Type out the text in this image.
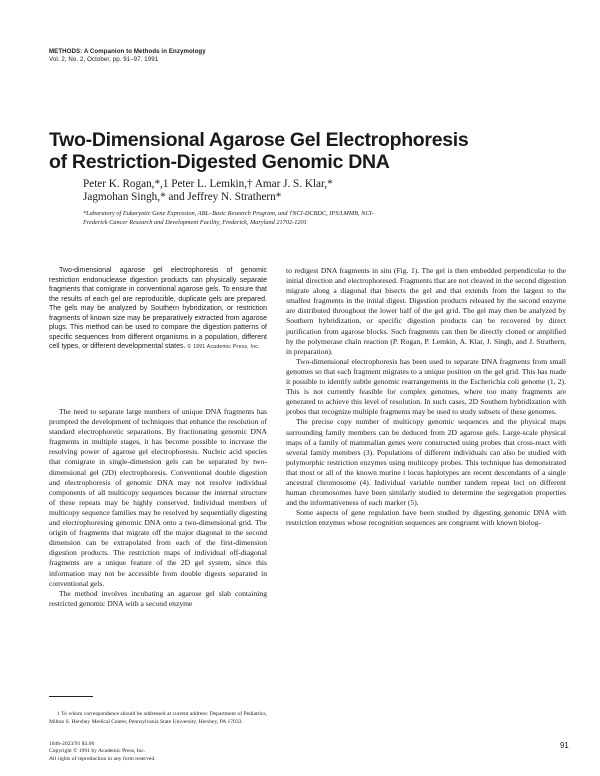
METHODS: A Companion to Methods in Enzymology
Vol. 2, No. 2, October, pp. 91–97, 1991
Two-Dimensional Agarose Gel Electrophoresis
of Restriction-Digested Genomic DNA
Peter K. Rogan,*,1 Peter L. Lemkin,† Amar J. S. Klar,*
Jagmohan Singh,* and Jeffrey N. Strathern*
*Laboratory of Eukaryotic Gene Expression, ABL–Basic Research Program, and †NCI-DCBDC, IPS/LMMB, NCI-
Frederick Cancer Research and Development Facility, Frederick, Maryland 21702-1201
Two-dimensional agarose gel electrophoresis of genomic restriction endonuclease digestion products can physically separate fragments that comigrate in conventional agarose gels. To ensure that the results of each gel are reproducible, duplicate gels are prepared. The gels may be analyzed by Southern hybridization, or restriction fragments of known size may be preparatively extracted from agarose plugs. This method can be used to compare the digestion patterns of specific sequences from different organisms in a population, different cell types, or different developmental states. © 1991 Academic Press, Inc.

The need to separate large numbers of unique DNA fragments has prompted the development of techniques that enhance the resolution of standard electrophoretic separations. By fractionating genomic DNA fragments in multiple stages, it has become possible to increase the resolving power of agarose gel electrophoresis. Nucleic acid species that comigrate in single-dimension gels can be separated by two-dimensional gel (2D) electrophoresis. Conventional double digestion and electrophoresis of genomic DNA may not resolve individual components of all multicopy sequences because the internal structure of these repeats may be highly conserved. Individual members of multicopy sequence families may be resolved by sequentially digesting and electrophoresing genomic DNA onto a two-dimensional grid. The origin of fragments that migrate off the major diagonal in the second dimension can be extrapolated from each of the first-dimension digestion products. The restriction maps of individual off-diagonal fragments are a unique feature of the 2D gel system, since this information may not be accessible from double digests separated in conventional gels.

The method involves incubating an agarose gel slab containing restricted genomic DNA with a second enzyme

1 To whom correspondence should be addressed at current address: Department of Pediatrics, Milton S. Hershey Medical Center, Pennsylvania State University, Hershey, PA 17033.

1046-2023/91 $3.00
Copyright © 1991 by Academic Press, Inc.
All rights of reproduction in any form reserved.

to redigest DNA fragments in situ (Fig. 1). The gel is then embedded perpendicular to the initial direction and electrophoresed. Fragments that are not cleaved in the second digestion migrate along a diagonal that bisects the gel and that extends from the largest to the smallest fragments in the initial digest. Digestion products released by the second enzyme are distributed throughout the lower half of the gel grid. The gel may then be analyzed by Southern hybridization, or specific digestion products can be recovered by direct purification from agarose blocks. Such fragments can then be directly cloned or amplified by the polymerase chain reaction (P. Rogan, P. Lemkin, A. Klar, J. Singh, and J. Strathern, in preparation).

Two-dimensional electrophoresis has been used to separate DNA fragments from small genomes so that each fragment migrates to a unique position on the gel grid. This has made it possible to identify subtle genomic rearrangements in the Escherichia coli genome (1, 2). This is not currently feasible for complex genomes, where too many fragments are generated to achieve this level of resolution. In such cases, 2D Southern hybridization with probes that recognize multiple fragments may be used to study subsets of these genomes.

The precise copy number of multicopy genomic sequences and the physical maps surrounding family members can be deduced from 2D agarose gels. Large-scale physical maps of a family of mammalian genes were constructed using probes that cross-react with several family members (3). Populations of different individuals can also be studied with polymorphic restriction enzymes using multicopy probes. This technique has demonstrated that most or all of the known murine t locus haplotypes are recent descendants of a single ancestral chromosome (4). Individual variable number tandem repeat loci on different human chromosomes have been similarly studied to determine the segregation properties and the informativeness of each marker (5).

Some aspects of gene regulation have been studied by digesting genomic DNA with restriction enzymes whose recognition sequences are congruent with known biolog-

91
